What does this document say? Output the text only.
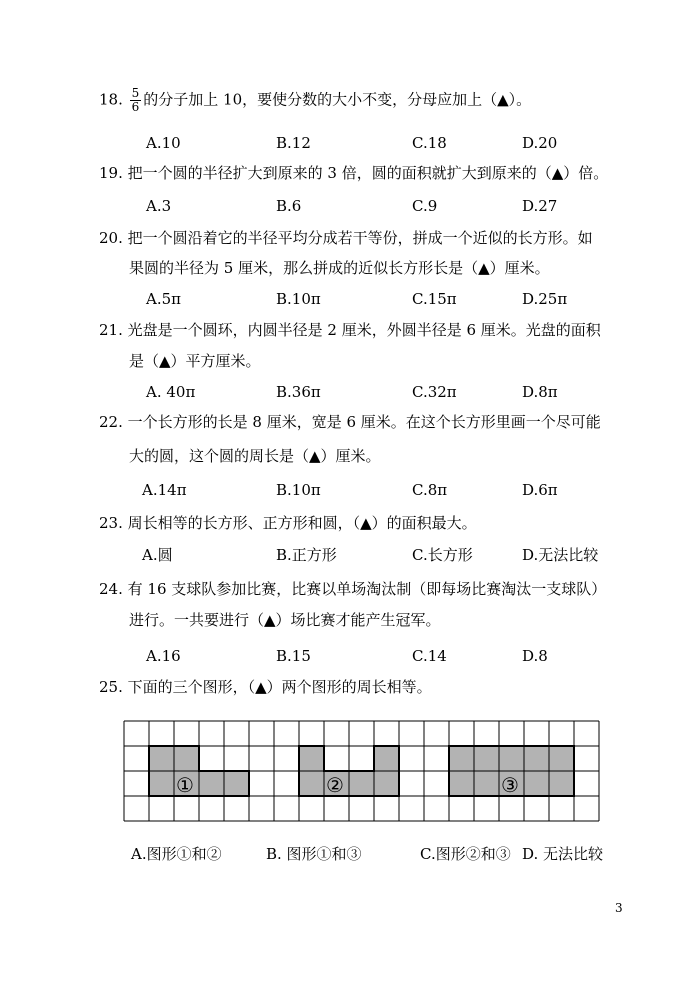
18. $\frac{5}{6}$ 的分子加上 10，要使分数的大小不变，分母应加上（▲）。
A.10	B.12	C.18	D.20
19. 把一个圆的半径扩大到原来的 3 倍，圆的面积就扩大到原来的（▲）倍。
A.3	B.6	C.9	D.27
20. 把一个圆沿着它的半径平均分成若干等份，拼成一个近似的长方形。如
果圆的半径为 5 厘米，那么拼成的近似长方形长是（▲）厘米。
A.5π	B.10π	C.15π	D.25π
21. 光盘是一个圆环，内圆半径是 2 厘米，外圆半径是 6 厘米。光盘的面积
是（▲）平方厘米。
A. 40π	B.36π	C.32π	D.8π
22. 一个长方形的长是 8 厘米，宽是 6 厘米。在这个长方形里画一个尽可能
大的圆，这个圆的周长是（▲）厘米。
A.14π	B.10π	C.8π	D.6π
23. 周长相等的长方形、正方形和圆，（▲）的面积最大。
A.圆	B.正方形	C.长方形	D.无法比较
24. 有 16 支球队参加比赛，比赛以单场淘汰制（即每场比赛淘汰一支球队）
进行。一共要进行（▲）场比赛才能产生冠军。
A.16	B.15	C.14	D.8
25. 下面的三个图形，（▲）两个图形的周长相等。
①	②	③
A.图形①和②	B. 图形①和③	C.图形②和③ D. 无法比较
3
